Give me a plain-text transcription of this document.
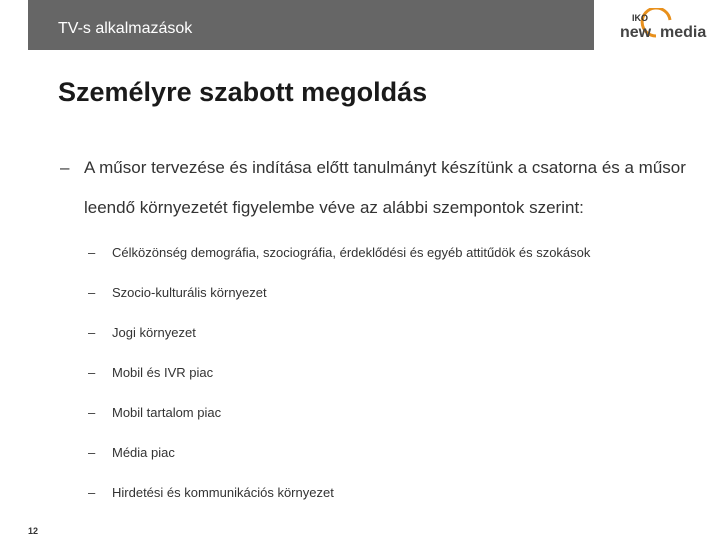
TV-s alkalmazások
IKO
new media
Személyre szabott megoldás
– A műsor tervezése és indítása előtt tanulmányt készítünk a csatorna és a műsor leendő környezetét figyelembe véve az alábbi szempontok szerint:
– Célközönség demográfia, szociográfia, érdeklődési és egyéb attitűdök és szokások
– Szocio-kulturális környezet
– Jogi környezet
– Mobil és IVR piac
– Mobil tartalom piac
– Média piac
– Hirdetési és kommunikációs környezet
12
